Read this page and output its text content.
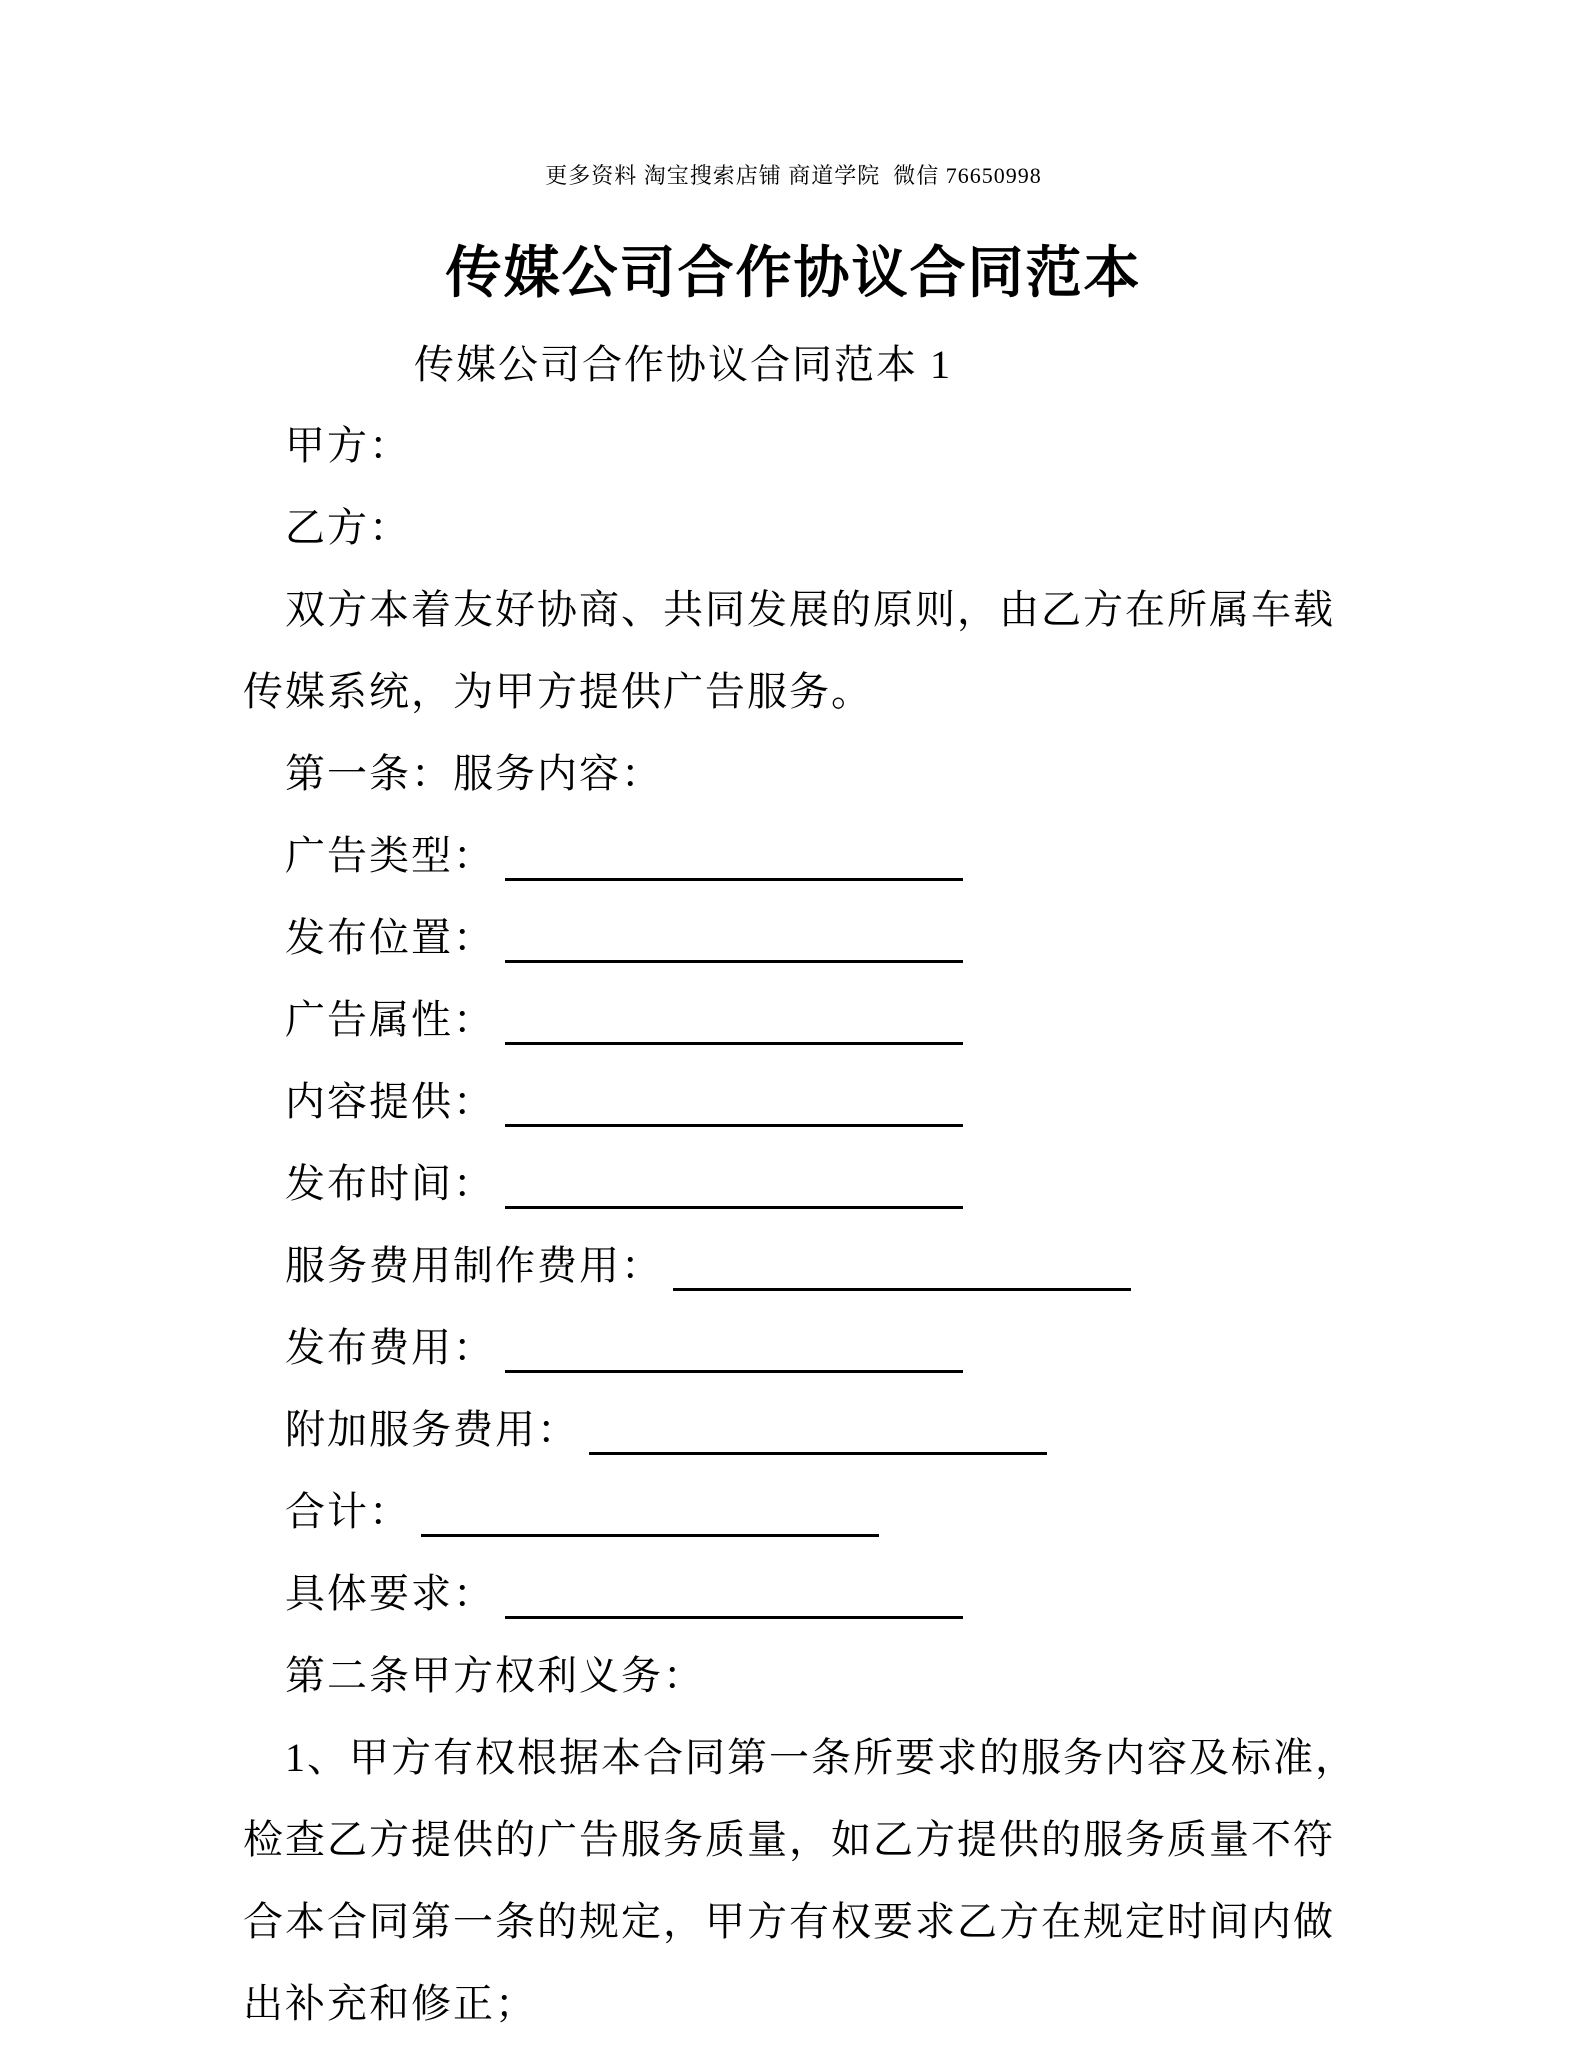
更多资料 淘宝搜索店铺 商道学院  微信 76650998
传媒公司合作协议合同范本
传媒公司合作协议合同范本 1
甲方：
乙方：
双方本着友好协商、共同发展的原则，由乙方在所属车载
传媒系统，为甲方提供广告服务。
第一条：服务内容：
广告类型：
发布位置：
广告属性：
内容提供：
发布时间：
服务费用制作费用：
发布费用：
附加服务费用：
合计：
具体要求：
第二条甲方权利义务：
1、甲方有权根据本合同第一条所要求的服务内容及标准，
检查乙方提供的广告服务质量，如乙方提供的服务质量不符
合本合同第一条的规定，甲方有权要求乙方在规定时间内做
出补充和修正；
